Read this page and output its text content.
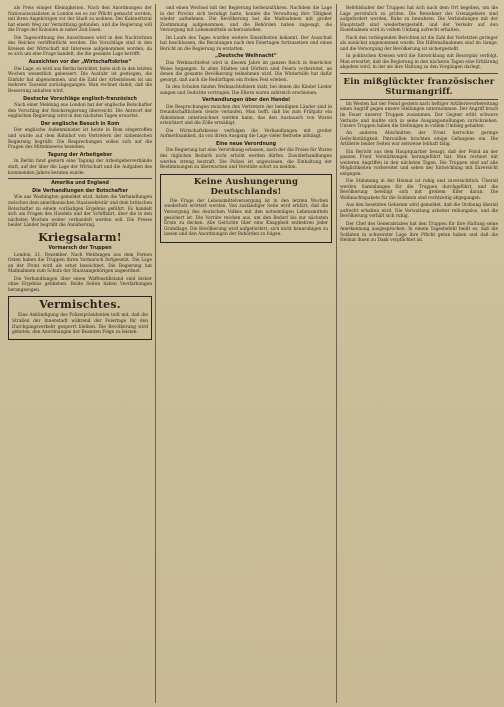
als Preis einiger Kleinigkeiten. Nach den Anordnungen der Nationalsozialisten in London sei es zur Pflicht gemacht worden, mit ihren Angehörigen vor der Stadt zu wohnen. Der Kabinettsrat hat einem Weg zur Vermittlung gefunden, und die Regierung will die Frage der Kolonien in naher Zeit lösen.

Die Tagesordnung des Ausschusses wird in den Nachrichten des Reiches veröffentlicht werden. Die Vorschläge sind in den Kreisen der Wirtschaft mit Interesse aufgenommen worden, da es sich um eine Frage handelt, die die gesamte Lage betrifft.

Aussichten vor der „Wirtschaftskrise“

Die Lage, so wird aus Berlin berichtet, habe sich in den letzten Wochen wesentlich gebessert. Die Ausfuhr ist gestiegen, die Einfuhr hat abgenommen, und die Zahl der Arbeitslosen ist um mehrere Tausend zurückgegangen. Man rechnet damit, daß die Besserung anhalten wird.

Deutsche Vorschläge englisch-französisch

Nach einer Meldung aus London hat der englische Botschafter den Vorschlag der Reichsregierung überreicht. Die Antwort der englischen Regierung wird in den nächsten Tagen erwartet.

Der englische Besuch in Rom

Der englische Außenminister ist heute in Rom eingetroffen und wurde auf dem Bahnhof von Vertretern der italienischen Regierung begrüßt. Die Besprechungen sollen sich auf die Fragen des Mittelmeeres beziehen.

Tagung der Arbeitgeber

In Berlin fand gestern eine Tagung der Arbeitgeberverbände statt, auf der über die Lage der Wirtschaft und die Aufgaben des kommenden Jahres beraten wurde.

Amerika und England
Die Verhandlungen der Botschafter

Wie aus Washington gemeldet wird, haben die Verhandlungen zwischen dem amerikanischen Staatssekretär und dem britischen Botschafter zu einem vorläufigen Ergebnis geführt. Es handelt sich um Fragen des Handels und der Schiffahrt, über die in den nächsten Wochen weiter verhandelt werden soll. Die Presse beider Länder begrüßt die Annäherung.

Kriegsalarm!
Vormarsch der Truppen

London, 21. Dezember. Nach Meldungen aus dem Fernen Osten haben die Truppen ihren Vormarsch fortgesetzt. Die Lage an der Front wird als ernst bezeichnet. Die Regierung hat Maßnahmen zum Schutz der Staatsangehörigen angeordnet.

Die Verhandlungen über einen Waffenstillstand sind bisher ohne Ergebnis geblieben. Beide Seiten haben Verstärkungen herangezogen.

Vermischtes.

Eine Ankündigung des Polizeipräsidenten teilt mit, daß die Straßen der Innenstadt während der Feiertage für den Durchgangsverkehr gesperrt bleiben. Die Bevölkerung wird gebeten, den Anordnungen der Beamten Folge zu leisten.

und einen Wechsel mit der Regierung herbeizuführen. Nachdem die Lage in der Provinz sich beruhigt hatte, konnte die Verwaltung ihre Tätigkeit wieder aufnehmen. Die Bevölkerung hat die Maßnahmen mit großer Zustimmung aufgenommen, und die Behörden haben zugesagt, die Versorgung mit Lebensmitteln sicherzustellen.

Im Laufe des Tages wurden weitere Einzelheiten bekannt. Der Ausschuß hat beschlossen, die Beratungen nach den Feiertagen fortzusetzen und einen Bericht an die Regierung zu erstatten.

„Deutsche Weihnacht“

Das Weihnachtsfest wird in diesem Jahre im ganzen Reich in feierlicher Weise begangen. In allen Städten und Dörfern sind Feiern vorbereitet, an denen die gesamte Bevölkerung teilnehmen wird. Die Winterhilfe hat dafür gesorgt, daß auch die Bedürftigen ein frohes Fest erleben.

In den Schulen fanden Weihnachtsfeiern statt, bei denen die Kinder Lieder sangen und Gedichte vortrugen. Die Eltern waren zahlreich erschienen.

Verhandlungen über den Handel

Die Besprechungen zwischen den Vertretern der beteiligten Länder sind in freundschaftlichem Geiste verlaufen. Man hofft, daß bis zum Frühjahr ein Abkommen unterzeichnet werden kann, das den Austausch von Waren erleichtert und die Zölle ermäßigt.

Die Wirtschaftskreise verfolgen die Verhandlungen mit großer Aufmerksamkeit, da von ihrem Ausgang die Lage vieler Betriebe abhängt.

Eine neue Verordnung

Die Regierung hat eine Verordnung erlassen, nach der die Preise für Waren des täglichen Bedarfs nicht erhöht werden dürfen. Zuwiderhandlungen werden streng bestraft. Die Polizei ist angewiesen, die Einhaltung der Bestimmungen zu überwachen und Verstöße sofort zu melden.

Keine Aushungerung Deutschlands!

Die Frage der Lebensmittelversorgung ist in den letzten Wochen wiederholt erörtert worden. Von zuständiger Seite wird erklärt, daß die Versorgung des deutschen Volkes mit den notwendigen Lebensmitteln gesichert ist. Die Vorräte reichen aus, um den Bedarf bis zur nächsten Ernte zu decken. Alle Gerüchte über eine Knappheit entbehren jeder Grundlage. Die Bevölkerung wird aufgefordert, sich nicht beunruhigen zu lassen und den Anordnungen der Behörden zu folgen.

Befehlshaber der Truppen hat sich nach dem Ort begeben, um die Lage persönlich zu prüfen. Die Bewohner der Grenzgebiete sind aufgefordert worden, Ruhe zu bewahren. Die Verbindungen mit der Hauptstadt sind wiederhergestellt, und der Verkehr auf den Eisenbahnen wird in vollem Umfang aufrecht erhalten.

Nach den vorliegenden Berichten ist die Zahl der Verletzten geringer als zunächst angenommen wurde. Die Hilfsmaßnahmen sind im Gange, und die Versorgung der Bevölkerung ist sichergestellt.

In politischen Kreisen wird die Entwicklung mit Besorgnis verfolgt. Man erwartet, daß die Regierung in den nächsten Tagen eine Erklärung abgeben wird, in der sie ihre Haltung zu den Vorgängen darlegt.

Ein mißglückter französischer Sturmangriff.

Im Westen hat der Feind gestern nach heftiger Artillerievorbereitung einen Angriff gegen unsere Stellungen unternommen. Der Angriff brach im Feuer unserer Truppen zusammen. Der Gegner erlitt schwere Verluste und mußte sich in seine Ausgangsstellungen zurückziehen. Unsere Truppen haben die Stellungen in vollem Umfang gehalten.

An anderen Abschnitten der Front herrschte geringe Gefechtstätigkeit. Patrouillen brachten einige Gefangene ein. Die Artillerie beider Seiten war zeitweise lebhaft tätig.

Ein Bericht aus dem Hauptquartier besagt, daß der Feind an der ganzen Front Verstärkungen herangeführt hat. Man rechnet mit weiteren Angriffen in den nächsten Tagen. Die Truppen sind auf alle Möglichkeiten vorbereitet und sehen der Entwicklung mit Zuversicht entgegen.

Die Stimmung in der Heimat ist ruhig und zuversichtlich. Überall werden Sammlungen für die Truppen durchgeführt, und die Bevölkerung beteiligt sich mit großem Eifer daran. Die Weihnachtspakete für die Soldaten sind rechtzeitig abgegangen.

Aus den besetzten Gebieten wird gemeldet, daß die Ordnung überall aufrecht erhalten wird. Die Verwaltung arbeitet reibungslos, und die Bevölkerung verhält sich ruhig.

Der Chef des Generalstabes hat den Truppen für ihre Haltung seine Anerkennung ausgesprochen. In einem Tagesbefehl heißt es, daß die Soldaten in schwerster Lage ihre Pflicht getan haben und daß die Heimat ihnen zu Dank verpflichtet ist.
